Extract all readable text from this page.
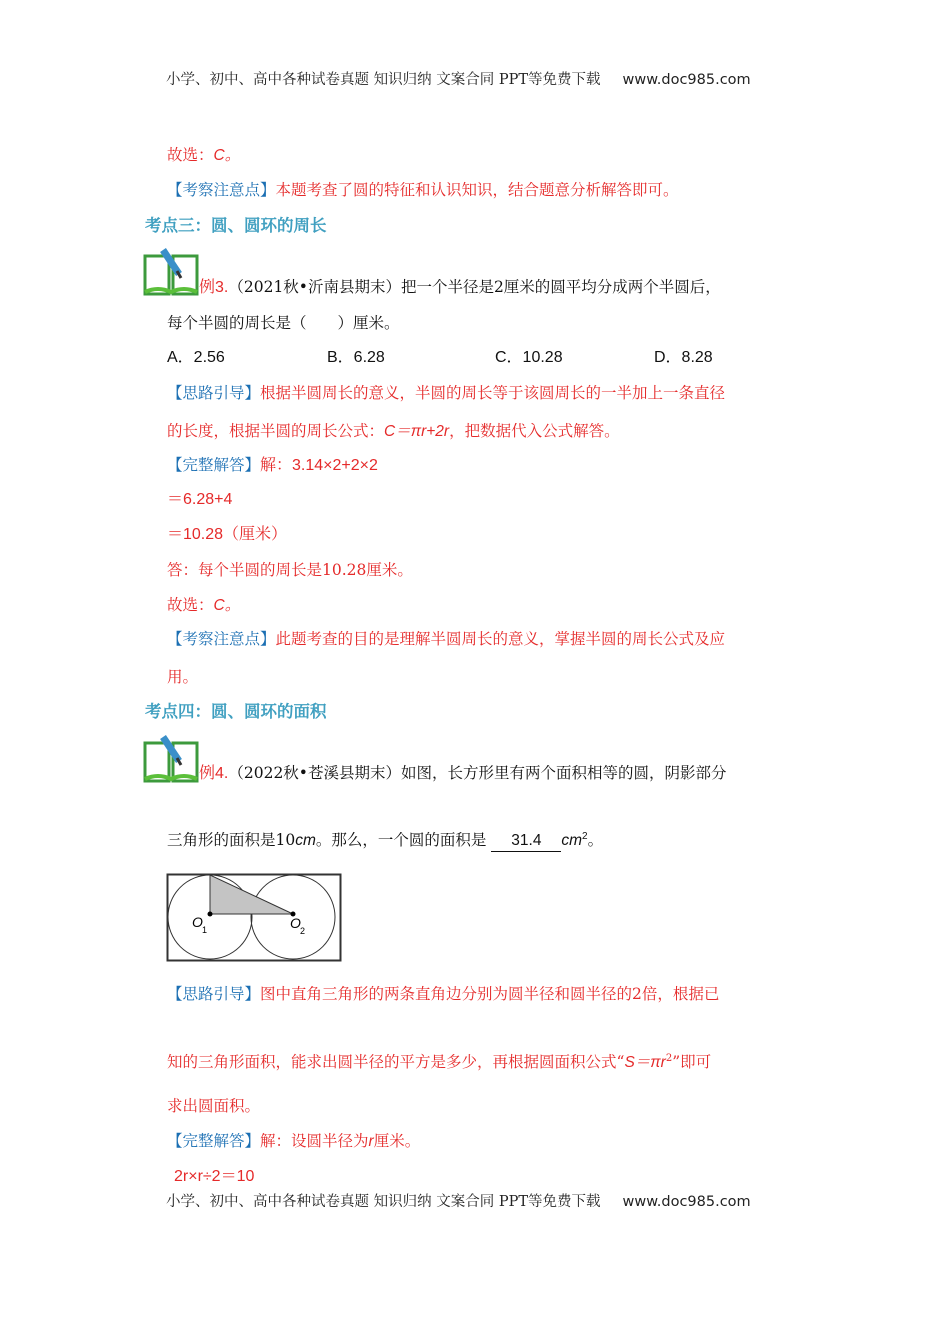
小学、初中、高中各种试卷真题 知识归纳 文案合同 PPT等免费下载 www.doc985.com
故选：C。
【考察注意点】本题考查了圆的特征和认识知识，结合题意分析解答即可。
考点三：圆、圆环的周长
例3.（2021秋•沂南县期末）把一个半径是2厘米的圆平均分成两个半圆后，
每个半圆的周长是（　　）厘米。
A．2.56	B．6.28	C．10.28	D．8.28
【思路引导】根据半圆周长的意义，半圆的周长等于该圆周长的一半加上一条直径
的长度，根据半圆的周长公式：C＝πr+2r，把数据代入公式解答。
【完整解答】解：3.14×2+2×2
＝6.28+4
＝10.28（厘米）
答：每个半圆的周长是10.28厘米。
故选：C。
【考察注意点】此题考查的目的是理解半圆周长的意义，掌握半圆的周长公式及应
用。
考点四：圆、圆环的面积
例4.（2022秋•苍溪县期末）如图，长方形里有两个面积相等的圆，阴影部分
三角形的面积是10cm。那么，一个圆的面积是 31.4 $cm^2$。
O 1	O 2
【思路引导】图中直角三角形的两条直角边分别为圆半径和圆半径的2倍，根据已
知的三角形面积，能求出圆半径的平方是多少，再根据圆面积公式“$S=\pi r^2$”即可
求出圆面积。
【完整解答】解：设圆半径为r厘米。
2r×r÷2＝10
小学、初中、高中各种试卷真题 知识归纳 文案合同 PPT等免费下载 www.doc985.com
